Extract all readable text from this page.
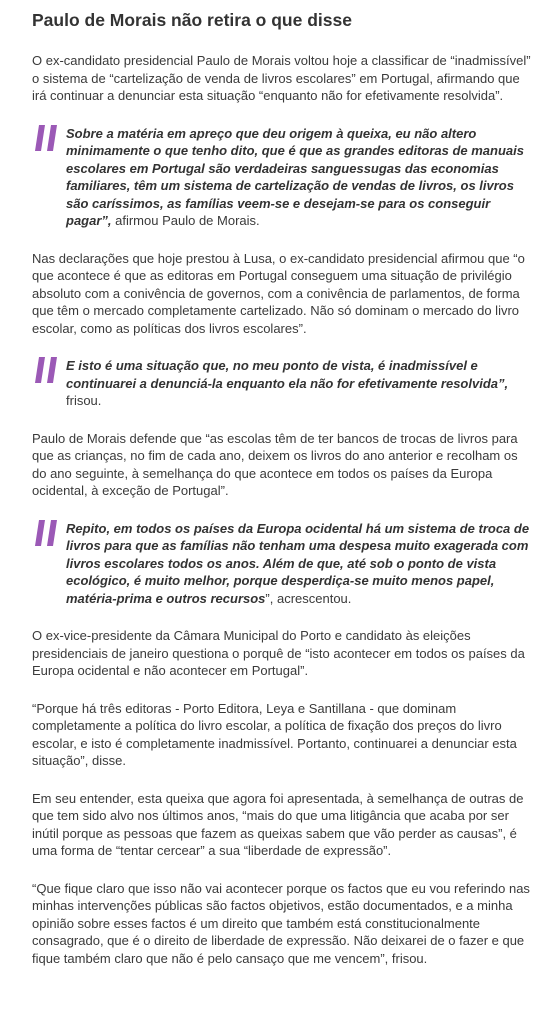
Paulo de Morais não retira o que disse

O ex-candidato presidencial Paulo de Morais voltou hoje a classificar de “inadmissível” o sistema de “cartelização de venda de livros escolares” em Portugal, afirmando que irá continuar a denunciar esta situação “enquanto não for efetivamente resolvida”.

Sobre a matéria em apreço que deu origem à queixa, eu não altero minimamente o que tenho dito, que é que as grandes editoras de manuais escolares em Portugal são verdadeiras sanguessugas das economias familiares, têm um sistema de cartelização de vendas de livros, os livros são caríssimos, as famílias veem-se e desejam-se para os conseguir pagar”, afirmou Paulo de Morais.

Nas declarações que hoje prestou à Lusa, o ex-candidato presidencial afirmou que “o que acontece é que as editoras em Portugal conseguem uma situação de privilégio absoluto com a conivência de governos, com a conivência de parlamentos, de forma que têm o mercado completamente cartelizado. Não só dominam o mercado do livro escolar, como as políticas dos livros escolares”.

E isto é uma situação que, no meu ponto de vista, é inadmissível e continuarei a denunciá-la enquanto ela não for efetivamente resolvida”, frisou.

Paulo de Morais defende que “as escolas têm de ter bancos de trocas de livros para que as crianças, no fim de cada ano, deixem os livros do ano anterior e recolham os do ano seguinte, à semelhança do que acontece em todos os países da Europa ocidental, à exceção de Portugal”.

Repito, em todos os países da Europa ocidental há um sistema de troca de livros para que as famílias não tenham uma despesa muito exagerada com livros escolares todos os anos. Além de que, até sob o ponto de vista ecológico, é muito melhor, porque desperdiça-se muito menos papel, matéria-prima e outros recursos”, acrescentou.

O ex-vice-presidente da Câmara Municipal do Porto e candidato às eleições presidenciais de janeiro questiona o porquê de “isto acontecer em todos os países da Europa ocidental e não acontecer em Portugal”.

“Porque há três editoras - Porto Editora, Leya e Santillana - que dominam completamente a política do livro escolar, a política de fixação dos preços do livro escolar, e isto é completamente inadmissível. Portanto, continuarei a denunciar esta situação”, disse.

Em seu entender, esta queixa que agora foi apresentada, à semelhança de outras de que tem sido alvo nos últimos anos, “mais do que uma litigância que acaba por ser inútil porque as pessoas que fazem as queixas sabem que vão perder as causas”, é uma forma de “tentar cercear” a sua “liberdade de expressão”.

“Que fique claro que isso não vai acontecer porque os factos que eu vou referindo nas minhas intervenções públicas são factos objetivos, estão documentados, e a minha opinião sobre esses factos é um direito que também está constitucionalmente consagrado, que é o direito de liberdade de expressão. Não deixarei de o fazer e que fique também claro que não é pelo cansaço que me vencem”, frisou.
